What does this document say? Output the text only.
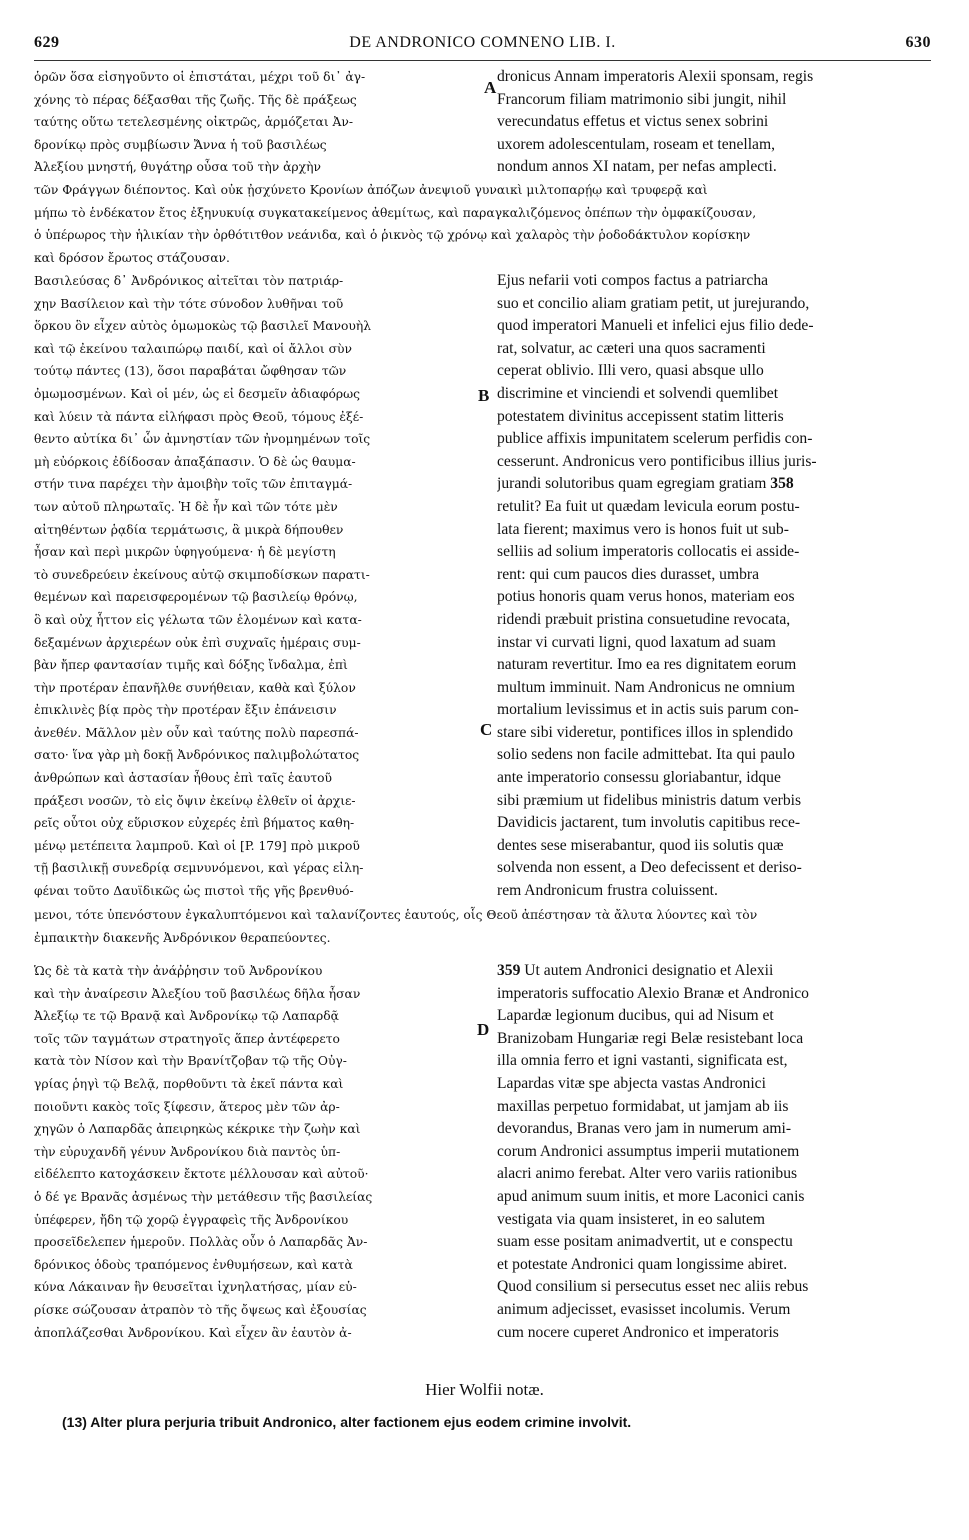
629	DE ANDRONICO COMNENO LIB. I.	630
A
B
C
D
ὁρῶν ὅσα εἰσηγοῦντο οἱ ἐπιστάται, μέχρι τοῦ δι᾽ ἀγ-
χόνης τὸ πέρας δέξασθαι τῆς ζωῆς. Τῆς δὲ πράξεως
ταύτης οὕτω τετελεσμένης οἰκτρῶς, ἁρμόζεται Ἀν-
δρονίκῳ πρὸς συμβίωσιν Ἄννα ἡ τοῦ βασιλέως
Ἀλεξίου μνηστή, θυγάτηρ οὖσα τοῦ τὴν ἀρχὴν
dronicus Annam imperatoris Alexii sponsam, regis
Francorum filiam matrimonio sibi jungit, nihil
verecundatus effetus et victus senex sobrini
uxorem adolescentulam, roseam et tenellam,
nondum annos XI natam, per nefas amplecti.
τῶν Φράγγων διέποντος. Καὶ οὐκ ᾐσχύνετο Κρονίων ἀπόζων ἀνεψιοῦ γυναικὶ μιλτοπαρῄῳ καὶ τρυφερᾷ καὶ
μήπω τὸ ἑνδέκατον ἔτος ἐξηνυκυίᾳ συγκατακείμενος ἀθεμίτως, καὶ παραγκαλιζόμενος ὀπέπων τὴν ὀμφακίζουσαν,
ὁ ὑπέρωρος τὴν ἡλικίαν τὴν ὀρθότιτθον νεάνιδα, καὶ ὁ ῥικνὸς τῷ χρόνῳ καὶ χαλαρὸς τὴν ῥοδοδάκτυλον κορίσκην
καὶ δρόσον ἔρωτος στάζουσαν.
Βασιλεύσας δ᾽ Ἀνδρόνικος αἰτεῖται τὸν πατριάρ-
χην Βασίλειον καὶ τὴν τότε σύνοδον λυθῆναι τοῦ
ὅρκου ὃν εἶχεν αὐτὸς ὁμωμοκὼς τῷ βασιλεῖ Μανουὴλ
καὶ τῷ ἐκείνου ταλαιπώρῳ παιδί, καὶ οἱ ἄλλοι σὺν
τούτῳ πάντες (13), ὅσοι παραβάται ὤφθησαν τῶν
ὀμωμοσμένων. Καὶ οἱ μέν, ὡς εἰ δεσμεῖν ἀδιαφόρως
καὶ λύειν τὰ πάντα εἰλήφασι πρὸς Θεοῦ, τόμους ἐξέ-
θεντο αὐτίκα δι᾽ ὧν ἀμνηστίαν τῶν ἠνομημένων τοῖς
μὴ εὐόρκοις ἐδίδοσαν ἀπαξάπασιν. Ὁ δὲ ὡς θαυμα-
στήν τινα παρέχει τὴν ἀμοιβὴν τοῖς τῶν ἐπιταγμά-
των αὐτοῦ πληρωταῖς. Ἡ δὲ ἦν καὶ τῶν τότε μὲν
αἰτηθέντων ῥᾳδία τερμάτωσις, ἃ μικρὰ δήπουθεν
ἦσαν καὶ περὶ μικρῶν ὑφηγούμενα· ἡ δὲ μεγίστη
τὸ συνεδρεύειν ἐκείνους αὐτῷ σκιμποδίσκων παρατι-
θεμένων καὶ παρεισφερομένων τῷ βασιλείῳ θρόνῳ,
ὃ καὶ οὐχ ἧττον εἰς γέλωτα τῶν ἑλομένων καὶ κατα-
δεξαμένων ἀρχιερέων οὐκ ἐπὶ συχναῖς ἡμέραις συμ-
βὰν ἤπερ φαντασίαν τιμῆς καὶ δόξης ἴνδαλμα, ἐπὶ
τὴν προτέραν ἐπανῆλθε συνήθειαν, καθὰ καὶ ξύλον
ἐπικλινὲς βίᾳ πρὸς τὴν προτέραν ἔξιν ἐπάνεισιν
ἀνεθέν. Μᾶλλον μὲν οὖν καὶ ταύτης πολὺ παρεσπά-
σατο· ἵνα γὰρ μὴ δοκῇ Ἀνδρόνικος παλιμβολώτατος
ἀνθρώπων καὶ ἀστασίαν ἦθους ἐπὶ ταῖς ἑαυτοῦ
πράξεσι νοσῶν, τὸ εἰς ὄψιν ἐκείνῳ ἐλθεῖν οἱ ἀρχιε-
ρεῖς οὗτοι οὐχ εὕρισκον εὐχερές ἐπὶ βήματος καθη-
μένῳ μετέπειτα λαμπροῦ. Καὶ οἱ [P. 179] πρὸ μικροῦ
τῇ βασιλικῇ συνεδρίᾳ σεμνυνόμενοι, καὶ γέρας εἰλη-
φέναι τοῦτο Δαυϊδικῶς ὡς πιστοὶ τῆς γῆς βρενθυό-
Ejus nefarii voti compos factus a patriarcha
suo et concilio aliam gratiam petit, ut jurejurando,
quod imperatori Manueli et infelici ejus filio dede-
rat, solvatur, ac cæteri una quos sacramenti
ceperat oblivio. Illi vero, quasi absque ullo
discrimine et vinciendi et solvendi quemlibet
potestatem divinitus accepissent statim litteris
publice affixis impunitatem scelerum perfidis con-
cesserunt. Andronicus vero pontificibus illius juris-
jurandi solutoribus quam egregiam gratiam 358
retulit? Ea fuit ut quædam levicula eorum postu-
lata fierent; maximus vero is honos fuit ut sub-
selliis ad solium imperatoris collocatis ei asside-
rent: qui cum paucos dies durasset, umbra
potius honoris quam verus honos, materiam eos
ridendi præbuit pristina consuetudine revocata,
instar vi curvati ligni, quod laxatum ad suam
naturam revertitur. Imo ea res dignitatem eorum
multum imminuit. Nam Andronicus ne omnium
mortalium levissimus et in actis suis parum con-
stare sibi videretur, pontifices illos in splendido
solio sedens non facile admittebat. Ita qui paulo
ante imperatorio consessu gloriabantur, idque
sibi præmium ut fidelibus ministris datum verbis
Davidicis jactarent, tum involutis capitibus rece-
dentes sese miserabantur, quod iis solutis quæ
solvenda non essent, a Deo defecissent et deriso-
rem Andronicum frustra coluissent.
μενοι, τότε ὑπενόστουν ἐγκαλυπτόμενοι καὶ ταλανίζοντες ἑαυτούς, οἷς Θεοῦ ἀπέστησαν τὰ ἄλυτα λύοντες καὶ τὸν
ἐμπαικτὴν διακενῆς Ἀνδρόνικον θεραπεύοντες.
Ὡς δὲ τὰ κατὰ τὴν ἀνάῤῥησιν τοῦ Ἀνδρονίκου
καὶ τὴν ἀναίρεσιν Ἀλεξίου τοῦ βασιλέως δῆλα ἦσαν
Ἀλεξίῳ τε τῷ Βρανᾷ καὶ Ἀνδρονίκῳ τῷ Λαπαρδᾷ
τοῖς τῶν ταγμάτων στρατηγοῖς ἅπερ ἀντέφερετο
κατὰ τὸν Νίσον καὶ τὴν Βρανίτζοβαν τῷ τῆς Οὐγ-
γρίας ῥηγὶ τῷ Βελᾷ, πορθοῦντι τὰ ἐκεῖ πάντα καὶ
ποιοῦντι κακὸς τοῖς ξίφεσιν, ἅτερος μὲν τῶν ἀρ-
χηγῶν ὁ Λαπαρδᾶς ἀπειρηκὼς κέκρικε τὴν ζωὴν καὶ
τὴν εὐρυχανδῆ γένυν Ἀνδρονίκου διὰ παντὸς ὑπ-
εἰδέλεπτο κατοχάσκειν ἔκτοτε μέλλουσαν καὶ αὐτοῦ·
ὁ δέ γε Βρανᾶς ἀσμένως τὴν μετάθεσιν τῆς βασιλείας
ὑπέφερεν, ἤδη τῷ χορῷ ἐγγραφεὶς τῆς Ἀνδρονίκου
προσεῖδελεπεν ἡμεροῦν. Πολλὰς οὖν ὁ Λαπαρδᾶς Ἀν-
δρόνικος ὁδοὺς τραπόμενος ἐνθυμήσεων, καὶ κατὰ
κύνα Λάκαιναν ἣν θευσεῖται ἰχνηλατήσας, μίαν εὑ-
ρίσκε σώζουσαν ἀτραπὸν τὸ τῆς ὄψεως καὶ ἐξουσίας
ἀποπλάζεσθαι Ἀνδρονίκου. Καὶ εἶχεν ἂν ἑαυτὸν ἀ-
359 Ut autem Andronici designatio et Alexii
imperatoris suffocatio Alexio Branæ et Andronico
Lapardæ legionum ducibus, qui ad Nisum et
Branizobam Hungariæ regi Belæ resistebant loca
illa omnia ferro et igni vastanti, significata est,
Lapardas vitæ spe abjecta vastas Andronici
maxillas perpetuo formidabat, ut jamjam ab iis
devorandus, Branas vero jam in numerum ami-
corum Andronici assumptus imperii mutationem
alacri animo ferebat. Alter vero variis rationibus
apud animum suum initis, et more Laconici canis
vestigata via quam insisteret, in eo salutem
suam esse positam animadvertit, ut e conspectu
et potestate Andronici quam longissime abiret.
Quod consilium si persecutus esset nec aliis rebus
animum adjecisset, evasisset incolumis. Verum
cum nocere cuperet Andronico et imperatoris
Hier Wolfii notæ.
(13) Alter plura perjuria tribuit Andronico, alter factionem ejus eodem crimine involvit.
